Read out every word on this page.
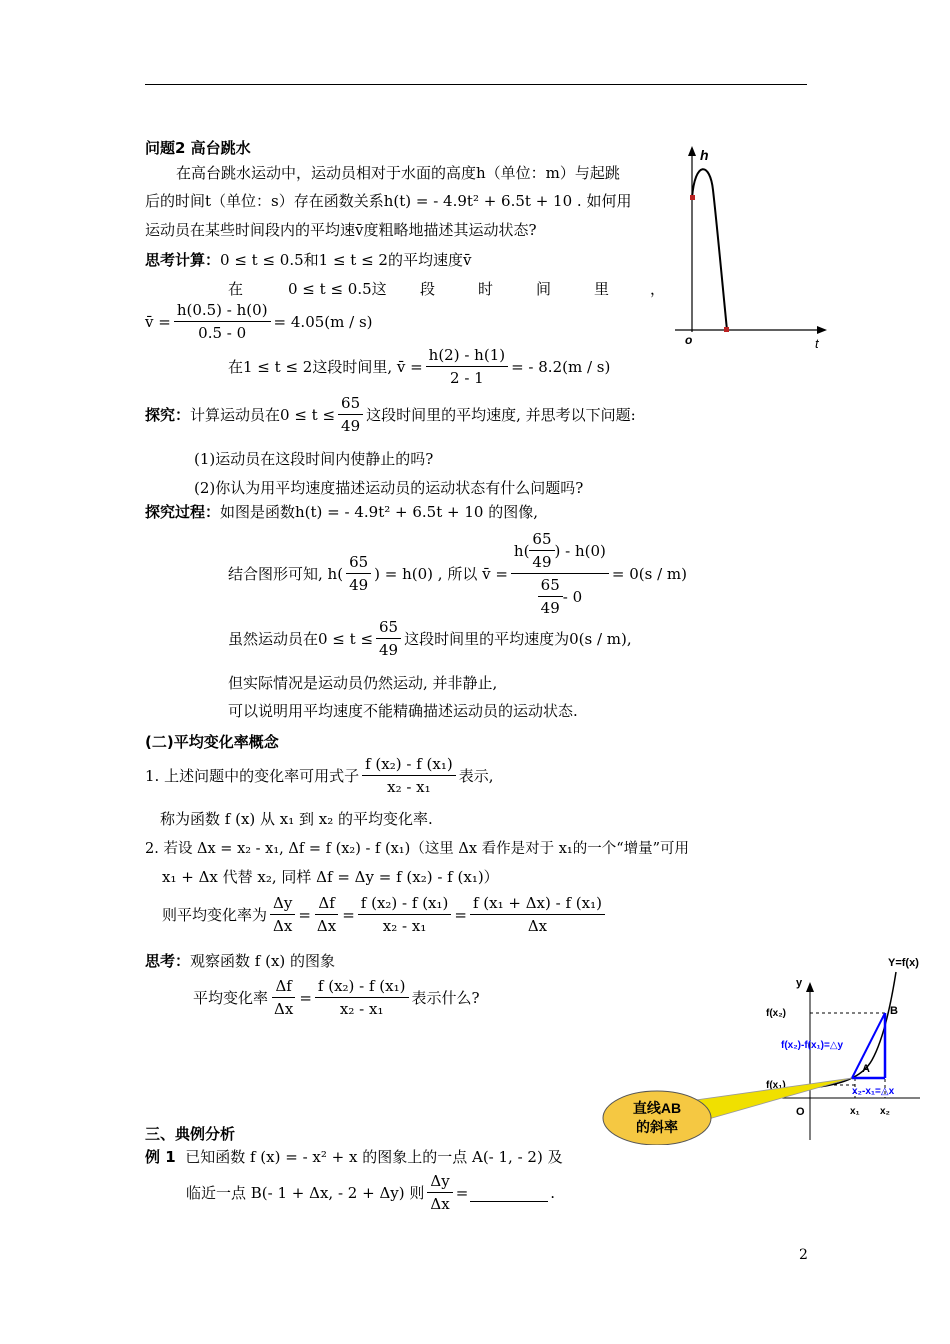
问题2 高台跳水
在高台跳水运动中，运动员相对于水面的高度h（单位：m）与起跳
后的时间t（单位：s）存在函数关系h(t) = - 4.9t² + 6.5t + 10 . 如何用
运动员在某些时间段内的平均速v̄度粗略地描述其运动状态?
思考计算：0 ≤ t ≤ 0.5和1 ≤ t ≤ 2的平均速度v̄
在	0 ≤ t ≤ 0.5这 段	时	间	里	，
v̄ = $\frac{h(0.5) - h(0)}{0.5 - 0} = 4.05(m / s)$
在1 ≤ t ≤ 2这段时间里, v̄ = $\frac{h(2) - h(1)}{2 - 1}$ = - 8.2(m / s)
h
t
o
探究： 计算运动员在$0 \le t \le \frac{65}{49}$ 这段时间里的平均速度, 并思考以下问题:
(1)运动员在这段时间内使静止的吗?
(2)你认为用平均速度描述运动员的运动状态有什么问题吗?
探究过程：如图是函数h(t) = - 4.9t² + 6.5t + 10 的图像,
结合图形可知, $h( \frac{65}{49}$ ) = h(0) , 所以 v̄ = $\frac{h( \frac{65}{49} ) - h(0)}{\frac{65}{49} - 0} = 0(s / m)$
虽然运动员在$0 \le t \le \frac{65}{49}$ 这段时间里的平均速度为0(s / m),
但实际情况是运动员仍然运动, 并非静止,
可以说明用平均速度不能精确描述运动员的运动状态.
(二)平均变化率概念
1. 上述问题中的变化率可用式子 $\frac{\text{f (x₂) - f (x₁)}}{\text{x₂ - x₁}}$ 表示,
称为函数 f (x) 从 x₁ 到 x₂ 的平均变化率.
2. 若设 Δx = x₂ - x₁, Δf = f (x₂) - f (x₁)（这里 Δx 看作是对于 x₁的一个“增量”可用
x₁ + Δx 代替 x₂, 同样 Δf = Δy = f (x₂) - f (x₁)）
则平均变化率为 $\frac{\Delta y}{\Delta x} = \frac{\Delta f}{\Delta x} = \frac{\text{f (x₂) - f (x₁)}}{\text{x₂ - x₁}} = \frac{\text{f (x₁ + Δx) - f (x₁)}}{\Delta x}$
思考：观察函数 f (x) 的图象
平均变化率 $\frac{\Delta f}{\Delta x} = \frac{\text{f (x₂) - f (x₁)}}{\text{x₂ - x₁}}$ 表示什么?
Y=f(x)
y
f(x₂)
f(x₁)
B
A
f(x₂)-f(x₁)=△y
x₂-x₁=△x
O	x₁ x₂
直线AB
的斜率
三、典例分析
例 1 已知函数 f (x) = - x² + x 的图象上的一点 A(- 1, - 2) 及
临近一点 B(- 1 + Δx, - 2 + Δy) 则 $\frac{\Delta y}{\Delta x}$ =	.
2
